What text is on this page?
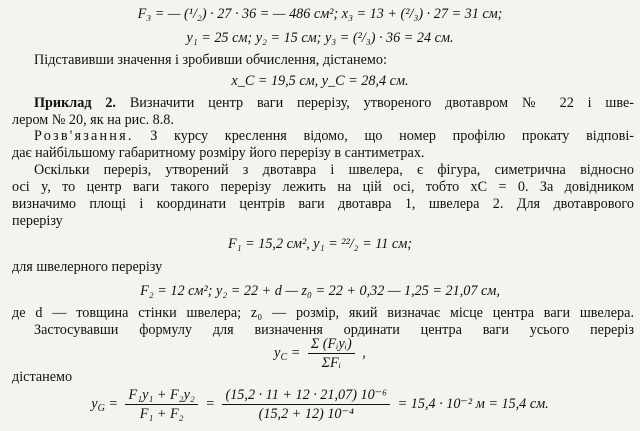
F₃ = — (¹/₂) · 27 · 36 = — 486 см²; x₃ = 13 + (²/₃) · 27 = 31 см;
y₁ = 25 см; y₂ = 15 см; y₃ = (²/₃) · 36 = 24 см.
Підставивши значення і зробивши обчислення, дістанемо:
x_C = 19,5 см, y_C = 28,4 см.
Приклад 2. Визначити центр ваги перерізу, утвореного двотавром № 22 і шве-
лером № 20, як на рис. 8.8.
Розв'язання. З курсу креслення відомо, що номер профілю прокату відпові-
дає найбільшому габаритному розміру його перерізу в сантиметрах.
Оскільки переріз, утворений з двотавра і швелера, є фігура, симетрична відносно
осі y, то центр ваги такого перерізу лежить на цій осі, тобто xC = 0. За довідником
визначимо площі і координати центрів ваги двотавра 1, швелера 2. Для двотаврового
перерізу
F₁ = 15,2 см², y₁ = ²²/₂ = 11 см;
для швелерного перерізу
F₂ = 12 см²; y₂ = 22 + d — z₀ = 22 + 0,32 — 1,25 = 21,07 см,
де d — товщина стінки швелера; z₀ — розмір, який визначає місце центра ваги швелера.
Застосувавши формулу для визначення ординати центра ваги усього переріз
$y_C = \frac{\text{Σ (Fᵢyᵢ)}}{\text{ΣFᵢ}}$ ,
дістанемо
$y_G = \frac{\text{F₁y₁ + F₂y₂}}{\text{F₁ + F₂}} = \frac{\text{(15,2 · 11 + 12 · 21,07) 10⁻⁶}}{\text{(15,2 + 12) 10⁻⁴}} = 15,4 \cdot 10^{-2}$ м = 15,4 см.
